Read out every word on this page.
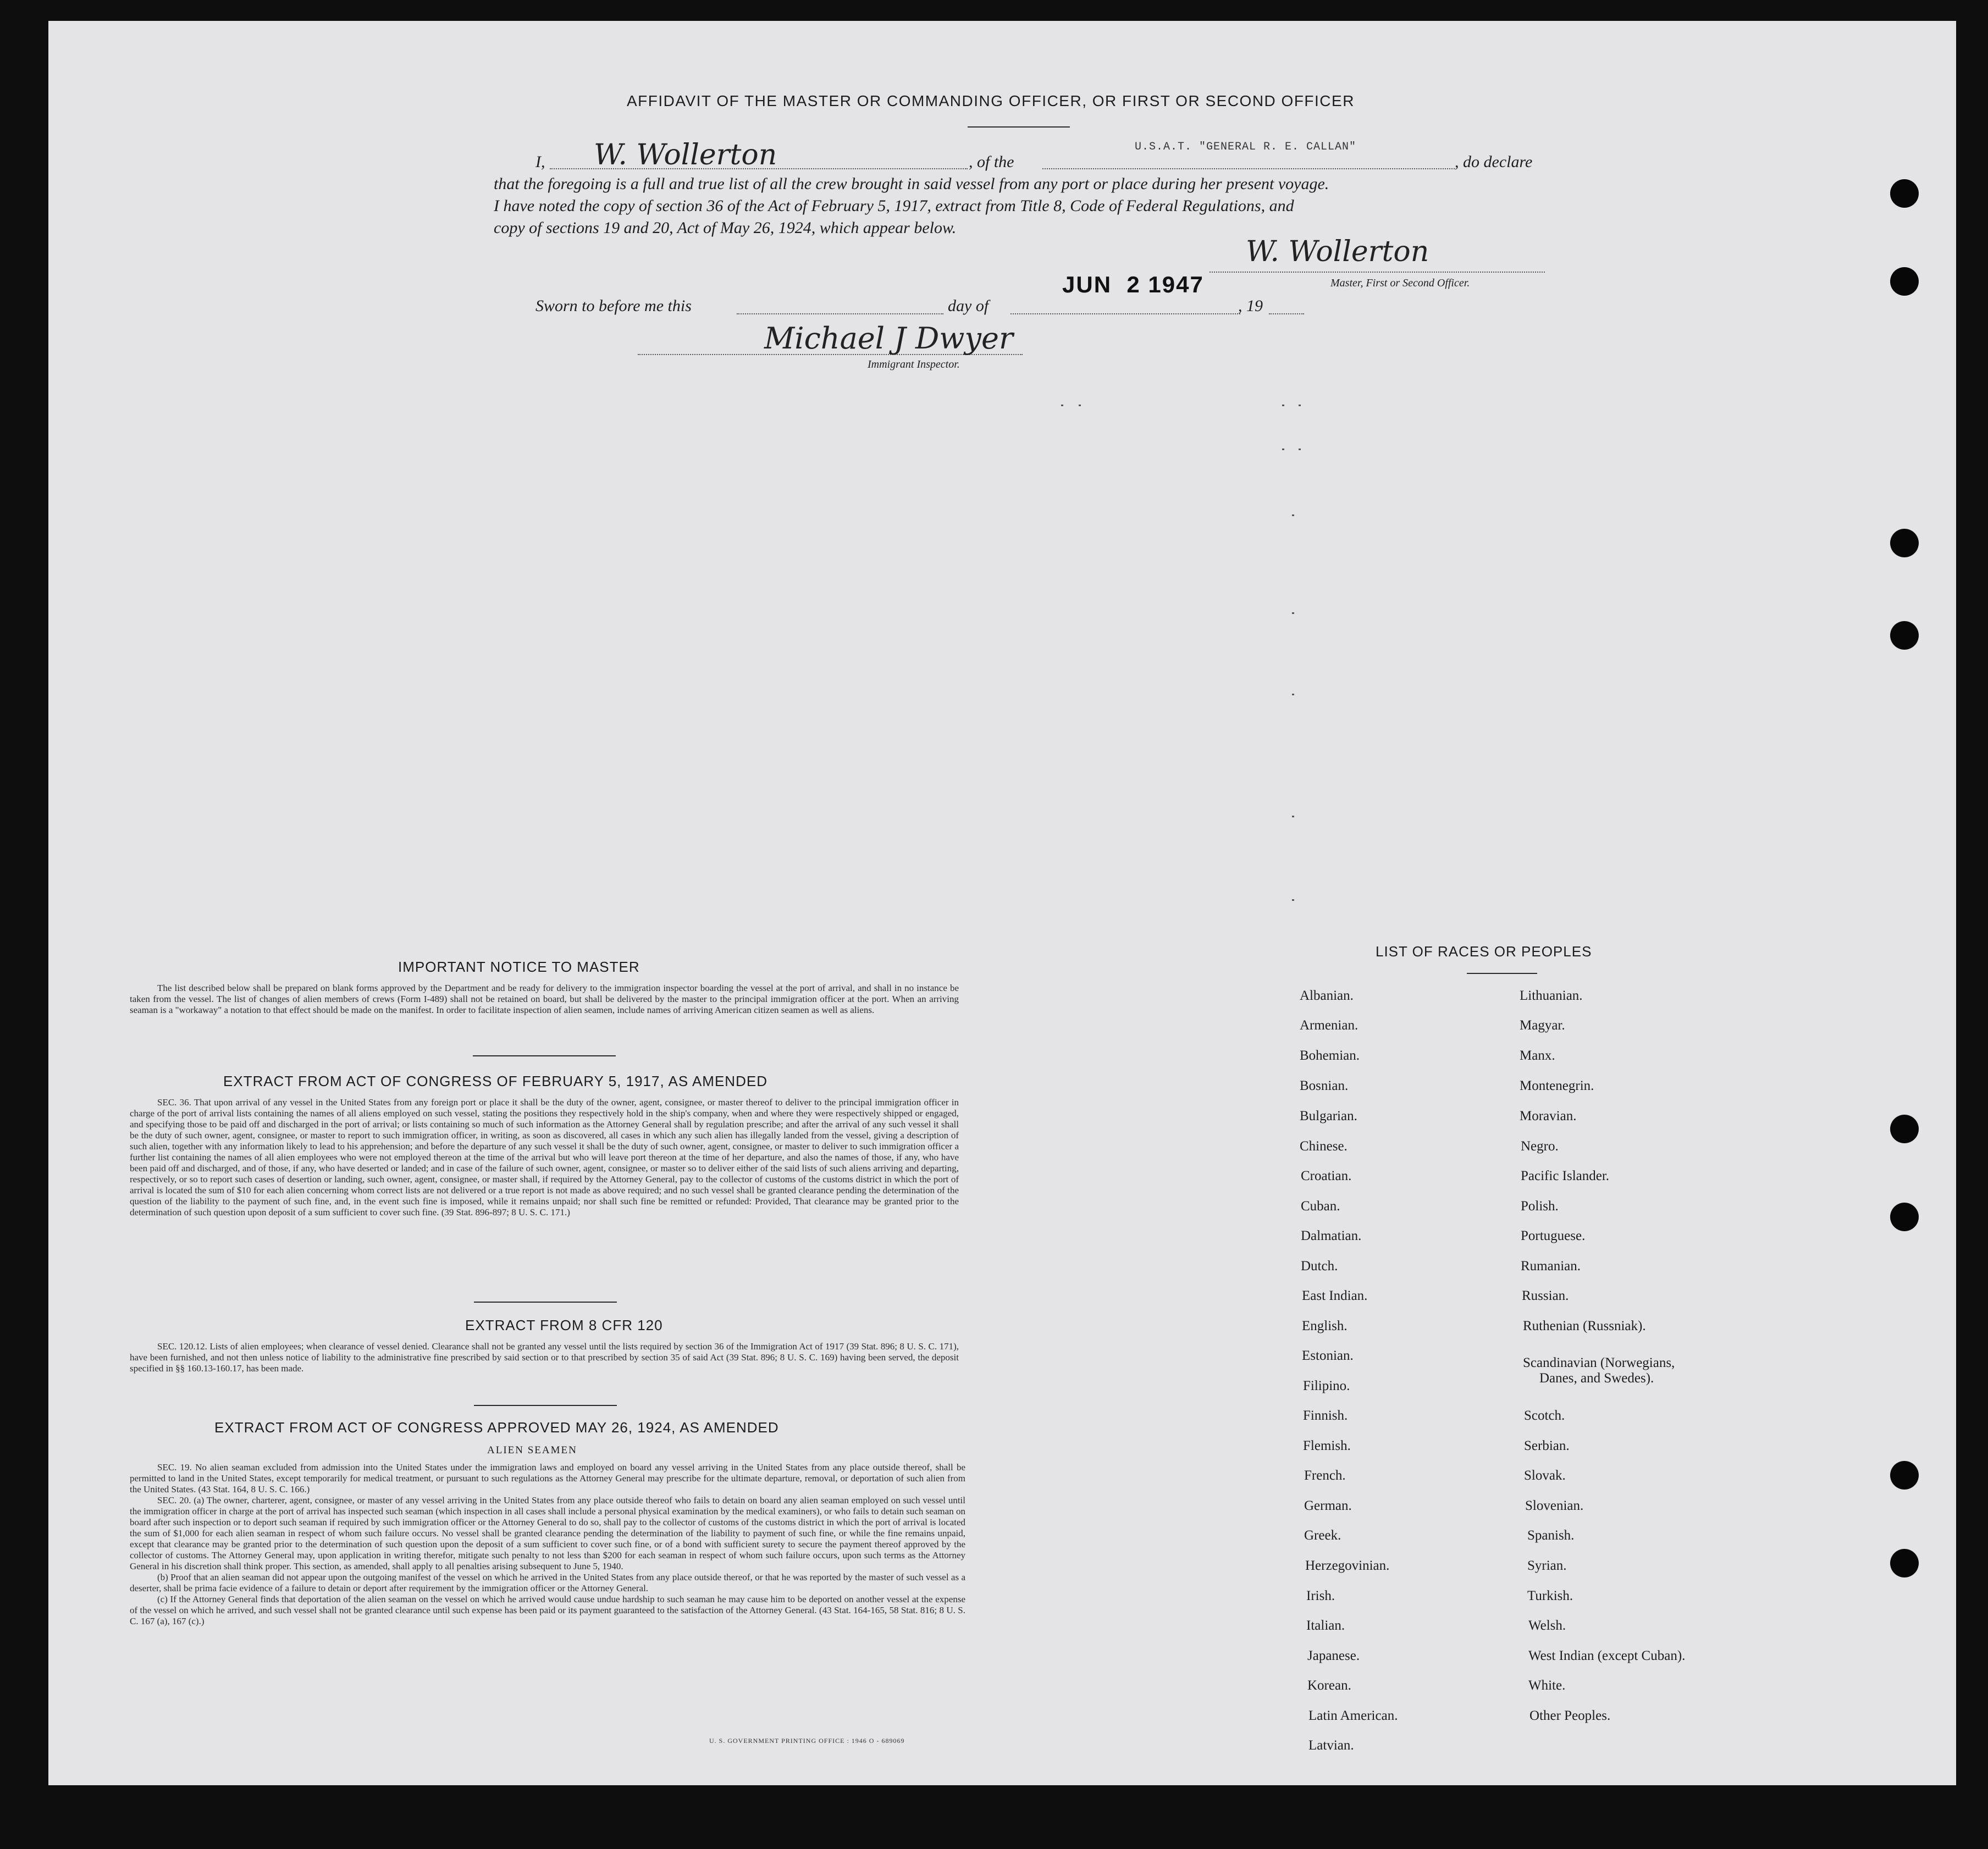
AFFIDAVIT OF THE MASTER OR COMMANDING OFFICER, OR FIRST OR SECOND OFFICER
I, W. Wollerton	, of the
U.S.A.T. "GENERAL R. E. CALLAN"
, do declare
that the foregoing is a full and true list of all the crew brought in said vessel from any port or place during her present voyage.
I have noted the copy of section 36 of the Act of February 5, 1917, extract from Title 8, Code of Federal Regulations, and
copy of sections 19 and 20, Act of May 26, 1924, which appear below.
W. Wollerton
Master, First or Second Officer.
Sworn to before me this	day of
JUN  2 1947
, 19
Michael J Dwyer
Immigrant Inspector.
IMPORTANT NOTICE TO MASTER

The list described below shall be prepared on blank forms approved by the Department and be ready for delivery to the immigration inspector boarding the vessel at the port of arrival, and shall in no instance be taken from the vessel. The list of changes of alien members of crews (Form I-489) shall not be retained on board, but shall be delivered by the master to the principal immigration officer at the port. When an arriving seaman is a "workaway" a notation to that effect should be made on the manifest. In order to facilitate inspection of alien seamen, include names of arriving American citizen seamen as well as aliens.

EXTRACT FROM ACT OF CONGRESS OF FEBRUARY 5, 1917, AS AMENDED

SEC. 36. That upon arrival of any vessel in the United States from any foreign port or place it shall be the duty of the owner, agent, consignee, or master thereof to deliver to the principal immigration officer in charge of the port of arrival lists containing the names of all aliens employed on such vessel, stating the positions they respectively hold in the ship's company, when and where they were respectively shipped or engaged, and specifying those to be paid off and discharged in the port of arrival; or lists containing so much of such information as the Attorney General shall by regulation prescribe; and after the arrival of any such vessel it shall be the duty of such owner, agent, consignee, or master to report to such immigration officer, in writing, as soon as discovered, all cases in which any such alien has illegally landed from the vessel, giving a description of such alien, together with any information likely to lead to his apprehension; and before the departure of any such vessel it shall be the duty of such owner, agent, consignee, or master to deliver to such immigration officer a further list containing the names of all alien employees who were not employed thereon at the time of the arrival but who will leave port thereon at the time of her departure, and also the names of those, if any, who have been paid off and discharged, and of those, if any, who have deserted or landed; and in case of the failure of such owner, agent, consignee, or master so to deliver either of the said lists of such aliens arriving and departing, respectively, or so to report such cases of desertion or landing, such owner, agent, consignee, or master shall, if required by the Attorney General, pay to the collector of customs of the customs district in which the port of arrival is located the sum of $10 for each alien concerning whom correct lists are not delivered or a true report is not made as above required; and no such vessel shall be granted clearance pending the determination of the question of the liability to the payment of such fine, and, in the event such fine is imposed, while it remains unpaid; nor shall such fine be remitted or refunded: Provided, That clearance may be granted prior to the determination of such question upon deposit of a sum sufficient to cover such fine. (39 Stat. 896-897; 8 U. S. C. 171.)

EXTRACT FROM 8 CFR 120

SEC. 120.12. Lists of alien employees; when clearance of vessel denied. Clearance shall not be granted any vessel until the lists required by section 36 of the Immigration Act of 1917 (39 Stat. 896; 8 U. S. C. 171), have been furnished, and not then unless notice of liability to the administrative fine prescribed by said section or to that prescribed by section 35 of said Act (39 Stat. 896; 8 U. S. C. 169) having been served, the deposit specified in §§ 160.13-160.17, has been made.

EXTRACT FROM ACT OF CONGRESS APPROVED MAY 26, 1924, AS AMENDED
ALIEN SEAMEN

SEC. 19. No alien seaman excluded from admission into the United States under the immigration laws and employed on board any vessel arriving in the United States from any place outside thereof, shall be permitted to land in the United States, except temporarily for medical treatment, or pursuant to such regulations as the Attorney General may prescribe for the ultimate departure, removal, or deportation of such alien from the United States. (43 Stat. 164, 8 U. S. C. 166.)

SEC. 20. (a) The owner, charterer, agent, consignee, or master of any vessel arriving in the United States from any place outside thereof who fails to detain on board any alien seaman employed on such vessel until the immigration officer in charge at the port of arrival has inspected such seaman (which inspection in all cases shall include a personal physical examination by the medical examiners), or who fails to detain such seaman on board after such inspection or to deport such seaman if required by such immigration officer or the Attorney General to do so, shall pay to the collector of customs of the customs district in which the port of arrival is located the sum of $1,000 for each alien seaman in respect of whom such failure occurs. No vessel shall be granted clearance pending the determination of the liability to payment of such fine, or while the fine remains unpaid, except that clearance may be granted prior to the determination of such question upon the deposit of a sum sufficient to cover such fine, or of a bond with sufficient surety to secure the payment thereof approved by the collector of customs. The Attorney General may, upon application in writing therefor, mitigate such penalty to not less than $200 for each seaman in respect of whom such failure occurs, upon such terms as the Attorney General in his discretion shall think proper. This section, as amended, shall apply to all penalties arising subsequent to June 5, 1940.

(b) Proof that an alien seaman did not appear upon the outgoing manifest of the vessel on which he arrived in the United States from any place outside thereof, or that he was reported by the master of such vessel as a deserter, shall be prima facie evidence of a failure to detain or deport after requirement by the immigration officer or the Attorney General.

(c) If the Attorney General finds that deportation of the alien seaman on the vessel on which he arrived would cause undue hardship to such seaman he may cause him to be deported on another vessel at the expense of the vessel on which he arrived, and such vessel shall not be granted clearance until such expense has been paid or its payment guaranteed to the satisfaction of the Attorney General. (43 Stat. 164-165, 58 Stat. 816; 8 U. S. C. 167 (a), 167 (c).)

U. S. GOVERNMENT PRINTING OFFICE : 1946 O - 689069
LIST OF RACES OR PEOPLES
Albanian.
Armenian.
Bohemian.
Bosnian.
Bulgarian.
Chinese.
Croatian.
Cuban.
Dalmatian.
Dutch.
East Indian.
English.
Estonian.
Filipino.
Finnish.
Flemish.
French.
German.
Greek.
Herzegovinian.
Irish.
Italian.
Japanese.
Korean.
Latin American.
Latvian.
Lithuanian.
Magyar.
Manx.
Montenegrin.
Moravian.
Negro.
Pacific Islander.
Polish.
Portuguese.
Rumanian.
Russian.
Ruthenian (Russniak).
Scandinavian (Norwegians,
Danes, and Swedes).
Scotch.
Serbian.
Slovak.
Slovenian.
Spanish.
Syrian.
Turkish.
Welsh.
West Indian (except Cuban).
White.
Other Peoples.
